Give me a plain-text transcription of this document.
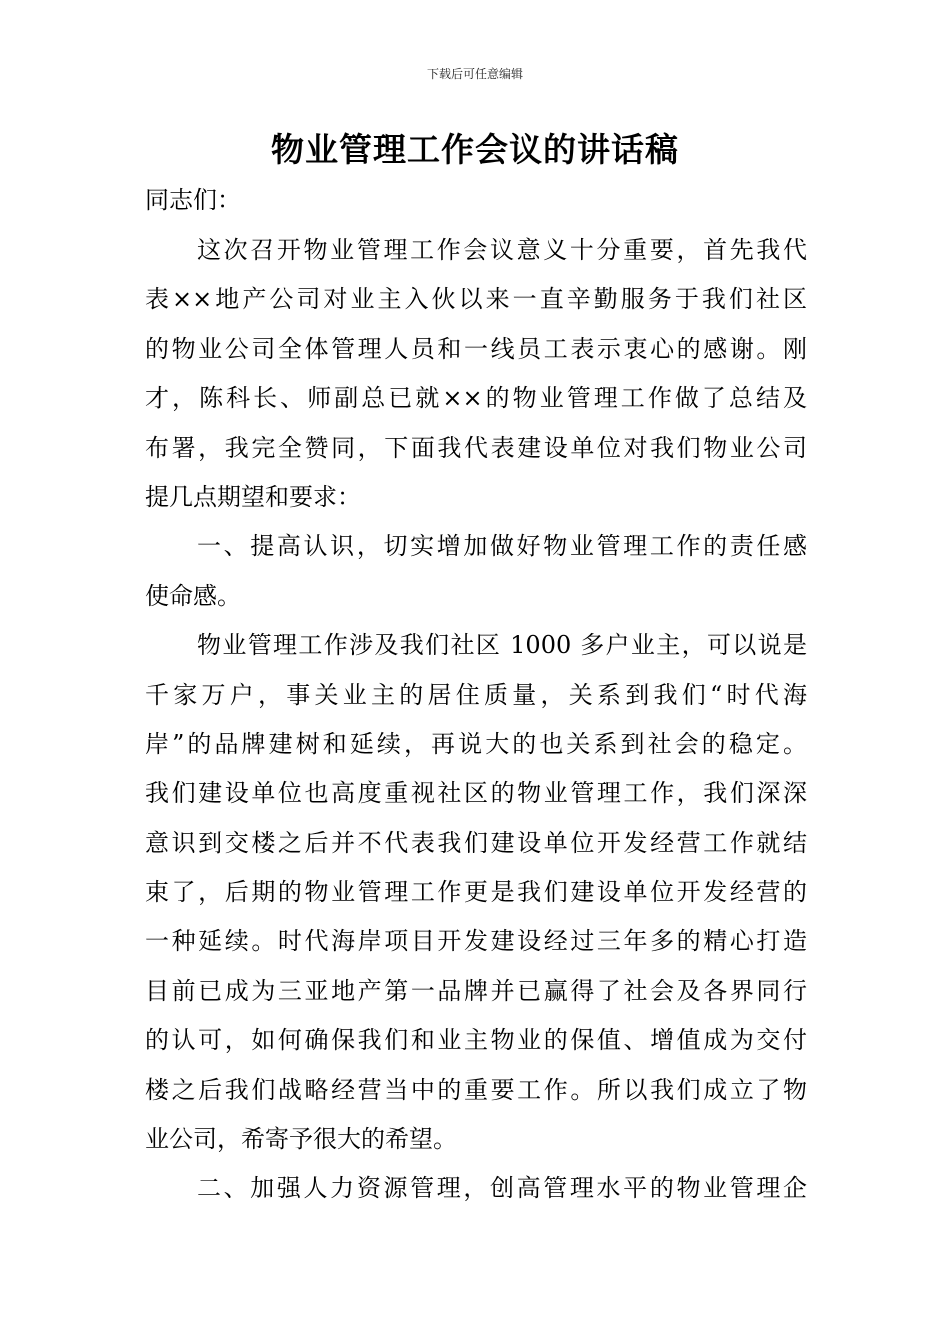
下载后可任意编辑
物业管理工作会议的讲话稿
同志们：
这次召开物业管理工作会议意义十分重要，首先我代
表××地产公司对业主入伙以来一直辛勤服务于我们社区
的物业公司全体管理人员和一线员工表示衷心的感谢。刚
才，陈科长、师副总已就××的物业管理工作做了总结及
布署，我完全赞同，下面我代表建设单位对我们物业公司
提几点期望和要求：
一、提高认识，切实增加做好物业管理工作的责任感
使命感。
物业管理工作涉及我们社区 1000 多户业主，可以说是
千家万户，事关业主的居住质量，关系到我们“时代海
岸”的品牌建树和延续，再说大的也关系到社会的稳定。
我们建设单位也高度重视社区的物业管理工作，我们深深
意识到交楼之后并不代表我们建设单位开发经营工作就结
束了，后期的物业管理工作更是我们建设单位开发经营的
一种延续。时代海岸项目开发建设经过三年多的精心打造
目前已成为三亚地产第一品牌并已赢得了社会及各界同行
的认可，如何确保我们和业主物业的保值、增值成为交付
楼之后我们战略经营当中的重要工作。所以我们成立了物
业公司，希寄予很大的希望。
二、加强人力资源管理，创高管理水平的物业管理企
